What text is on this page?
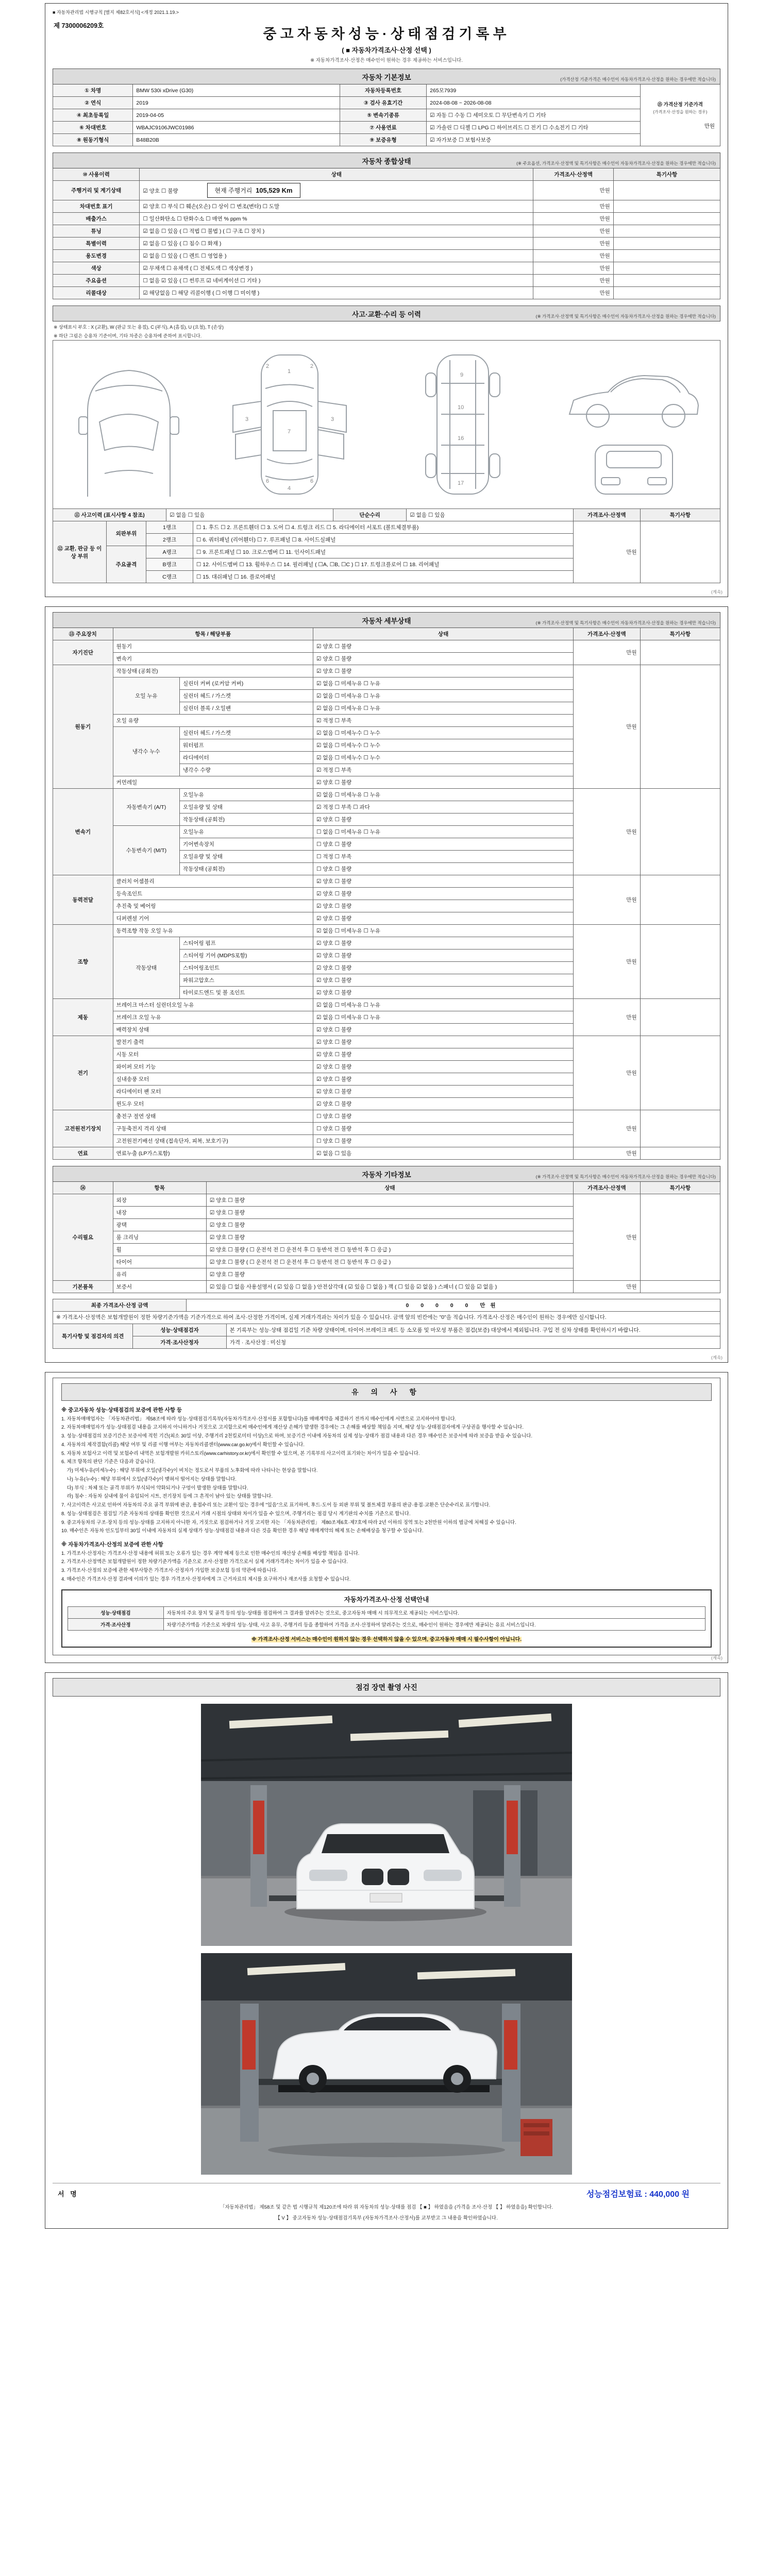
■ 자동차관리법 시행규칙 [별지 제82호서식] <개정 2021.1.19.>
제 7300006209호
중고자동차성능·상태점검기록부
( ■ 자동차가격조사·산정 선택 )
※ 자동차가격조사·산정은 매수인이 원하는 경우 제공하는 서비스입니다.
자동차 기본정보	(가격산정 기준가격은 매수인이 자동차가격조사·산정을 원하는 경우에만 적습니다)
① 차명	BMW 530i xDrive (G30)	자동차등록번호	265모7939	⑮ 가격산정 기준가격
(가격조사·산정을 원하는 경우)
만원

② 연식	2019	③ 검사 유효기간	2024-08-08 ~ 2026-08-08	
④ 최초등록일	2019-04-05	⑤ 변속기종류	☑ 자동 ☐ 수동 ☐ 세미오토 ☐ 무단변속기 ☐ 기타	
⑥ 차대번호	WBAJC9106JWC01986	⑦ 사용연료	☑ 가솔린 ☐ 디젤 ☐ LPG ☐ 하이브리드 ☐ 전기 ☐ 수소전기 ☐ 기타	
⑧ 원동기형식	B48B20B	⑨ 보증유형	☑ 자가보증 ☐ 보험사보증	
자동차 종합상태	(※ 주요옵션, 가격조사·산정액 및 특기사항은 매수인이 자동차가격조사·산정을 원하는 경우에만 적습니다)
⑩ 사용이력	상태	가격조사·산정액	특기사항
주행거리 및 계기상태	☑ 양호 ☐ 불량 현재 주행거리  105,529 Km	만원	
차대번호 표기	☑ 양호 ☐ 부식 ☐ 훼손(오손) ☐ 상이 ☐ 변조(변타) ☐ 도말	만원	
배출가스	☐ 일산화탄소 ☐ 탄화수소 ☐ 매연 % ppm %	만원	
튜닝	☑ 없음 ☐ 있음 ( ☐ 적법 ☐ 불법 ) ( ☐ 구조 ☐ 장치 )	만원	
특별이력	☑ 없음 ☐ 있음 ( ☐ 침수 ☐ 화재 )	만원	
용도변경	☑ 없음 ☐ 있음 ( ☐ 렌트 ☐ 영업용 )	만원	
색상	☑ 무채색 ☐ 유채색 ( ☐ 전체도색 ☐ 색상변경 )	만원	
주요옵션	☐ 없음 ☑ 있음 ( ☐ 썬루프 ☑ 네비게이션 ☐ 기타 )	만원	
리콜대상	☑ 해당없음 ☐ 해당 리콜이행 ( ☐ 이행 ☐ 미이행 )	만원	
사고·교환·수리 등 이력	(※ 가격조사·산정액 및 특기사항은 매수인이 자동차가격조사·산정을 원하는 경우에만 적습니다)
※ 상태표시 부호 : X (교환), W (판금 또는 용접), C (부식), A (흠집), U (요철), T (손상)
※ 하단 그림은 승용차 기준이며, 기타 차종은 승용차에 준하여 표시합니다.
1
7
4
3	3
2	2
6	6
9
10
16
17
⑪ 사고이력 (표시사항 4 참조)	☑ 없음 ☐ 있음	단순수리	☑ 없음 ☐ 있음	가격조사·산정액	특기사항
⑫ 교환, 판금 등 이상 부위	외판부위	1랭크	☐ 1. 후드 ☐ 2. 프론트휀더 ☐ 3. 도어 ☐ 4. 트렁크 리드 ☐ 5. 라디에이터 서포트 (볼트체결부품)	만원	
		2랭크	☐ 6. 쿼터패널 (리어휀더) ☐ 7. 루프패널 ☐ 8. 사이드실패널		
	주요골격	A랭크	☐ 9. 프론트패널 ☐ 10. 크로스멤버 ☐ 11. 인사이드패널		
		B랭크	☐ 12. 사이드멤버 ☐ 13. 휠하우스 ☐ 14. 필러패널 ( ☐A, ☐B, ☐C ) ☐ 17. 트렁크플로어 ☐ 18. 리어패널		
		C랭크	☐ 15. 대쉬패널 ☐ 16. 플로어패널		
(계속)
자동차 세부상태	(※ 가격조사·산정액 및 특기사항은 매수인이 자동차가격조사·산정을 원하는 경우에만 적습니다)
⑬ 주요장치	항목 / 해당부품		상태	가격조사·산정액	특기사항
자기진단	원동기		☑ 양호 ☐ 불량	만원	
	변속기		☑ 양호 ☐ 불량		
원동기	작동상태 (공회전)		☑ 양호 ☐ 불량	만원	
	오일 누유	실린더 커버 (로커암 커버)	☑ 없음 ☐ 미세누유 ☐ 누유		
		실린더 헤드 / 가스켓	☑ 없음 ☐ 미세누유 ☐ 누유		
		실린더 블록 / 오일팬	☑ 없음 ☐ 미세누유 ☐ 누유		
	오일 유량		☑ 적정 ☐ 부족		
	냉각수 누수	실린더 헤드 / 가스켓	☑ 없음 ☐ 미세누수 ☐ 누수		
		워터펌프	☑ 없음 ☐ 미세누수 ☐ 누수		
		라디에이터	☑ 없음 ☐ 미세누수 ☐ 누수		
		냉각수 수량	☑ 적정 ☐ 부족		
	커먼레일		☑ 양호 ☐ 불량		
변속기	자동변속기 (A/T)	오일누유	☑ 없음 ☐ 미세누유 ☐ 누유	만원	
		오일유량 및 상태	☑ 적정 ☐ 부족 ☐ 과다		
		작동상태 (공회전)	☑ 양호 ☐ 불량		
	수동변속기 (M/T)	오일누유	☐ 없음 ☐ 미세누유 ☐ 누유		
		기어변속장치	☐ 양호 ☐ 불량		
		오일유량 및 상태	☐ 적정 ☐ 부족		
		작동상태 (공회전)	☐ 양호 ☐ 불량		
동력전달	클러치 어셈블리		☑ 양호 ☐ 불량	만원	
	등속조인트		☑ 양호 ☐ 불량		
	추진축 및 베어링		☑ 양호 ☐ 불량		
	디퍼렌셜 기어		☑ 양호 ☐ 불량		
조향	동력조향 작동 오일 누유		☑ 없음 ☐ 미세누유 ☐ 누유	만원	
	작동상태	스티어링 펌프	☑ 양호 ☐ 불량		
		스티어링 기어 (MDPS포함)	☑ 양호 ☐ 불량		
		스티어링조인트	☑ 양호 ☐ 불량		
		파워고압호스	☑ 양호 ☐ 불량		
		타이로드엔드 및 볼 조인트	☑ 양호 ☐ 불량		
제동	브레이크 마스터 실린더오일 누유		☑ 없음 ☐ 미세누유 ☐ 누유	만원	
	브레이크 오일 누유		☑ 없음 ☐ 미세누유 ☐ 누유		
	배력장치 상태		☑ 양호 ☐ 불량		
전기	발전기 출력		☑ 양호 ☐ 불량	만원	
	시동 모터		☑ 양호 ☐ 불량		
	와이퍼 모터 기능		☑ 양호 ☐ 불량		
	실내송풍 모터		☑ 양호 ☐ 불량		
	라디에이터 팬 모터		☑ 양호 ☐ 불량		
	윈도우 모터		☑ 양호 ☐ 불량		
고전원전기장치	충전구 절연 상태		☐ 양호 ☐ 불량	만원	
	구동축전지 격리 상태		☐ 양호 ☐ 불량		
	고전원전기배선 상태 (접속단자, 피복, 보호기구)		☐ 양호 ☐ 불량		
연료	연료누출 (LP가스포함)		☑ 없음 ☐ 있음	만원	
자동차 기타정보	(※ 가격조사·산정액 및 특기사항은 매수인이 자동차가격조사·산정을 원하는 경우에만 적습니다)
⑭	항목	상태	가격조사·산정액	특기사항
수리필요	외장	☑ 양호 ☐ 불량	만원	
	내장	☑ 양호 ☐ 불량		
	광택	☑ 양호 ☐ 불량		
	룸 크리닝	☑ 양호 ☐ 불량		
	휠	☑ 양호 ☐ 불량 ( ☐ 운전석 전 ☐ 운전석 후 ☐ 동반석 전 ☐ 동반석 후 ☐ 응급 )		
	타이어	☑ 양호 ☐ 불량 ( ☐ 운전석 전 ☐ 운전석 후 ☐ 동반석 전 ☐ 동반석 후 ☐ 응급 )		
	유리	☑ 양호 ☐ 불량		
기본품목	보증서	☑ 있음 ☐ 없음 사용설명서 ( ☑ 있음 ☐ 없음 ) 안전삼각대 ( ☑ 있음 ☐ 없음 ) 잭 ( ☐ 있음 ☑ 없음 ) 스패너 ( ☐ 있음 ☑ 없음 )	만원	
최종 가격조사·산정 금액	0 0 0 0 0 만원
※ 가격조사·산정액은 보험개발원이 정한 차량기준가액을 기준가격으로 하여 조사·산정한 가격이며, 실제 거래가격과는 차이가 있을 수 있습니다. 금액 앞의 빈칸에는 "0"을 적습니다. 가격조사·산정은 매수인이 원하는 경우에만 실시합니다.
특기사항 및 점검자의 의견	성능·상태점검자	본 기록부는 성능·상태 점검일 기준 차량 상태이며, 타이어·브레이크 패드 등 소모품 및 마모성 부품은 점검(보증) 대상에서 제외됩니다. 구입 전 실차 상태를 확인하시기 바랍니다.
	가격·조사산정자	가격 · 조사산정 : 미신청
(계속)
유 의 사 항
※ 중고자동차 성능·상태점검의 보증에 관한 사항 등

1. 자동차매매업자는 「자동차관리법」 제58조에 따라 성능·상태점검기록부(자동차가격조사·산정서를 포함합니다)를 매매계약을 체결하기 전까지 매수인에게 서면으로 고지하여야 합니다.

2. 자동차매매업자가 성능·상태점검 내용을 고지하지 아니하거나 거짓으로 고지함으로써 매수인에게 재산상 손해가 발생한 경우에는 그 손해를 배상할 책임을 지며, 해당 성능·상태점검자에게 구상권을 행사할 수 있습니다.

3. 성능·상태점검의 보증기간은 보증서에 적힌 기간(최소 30일 이상, 주행거리 2천킬로미터 이상)으로 하며, 보증기간 이내에 자동차의 실제 성능·상태가 점검 내용과 다른 경우 매수인은 보증서에 따라 보증을 받을 수 있습니다.

4. 자동차의 제작결함(리콜) 해당 여부 및 리콜 이행 여부는 자동차리콜센터(www.car.go.kr)에서 확인할 수 있습니다.

5. 자동차 보험사고 이력 및 보험수리 내역은 보험개발원 카히스토리(www.carhistory.or.kr)에서 확인할 수 있으며, 본 기록부의 사고이력 표기와는 차이가 있을 수 있습니다.

6. 체크 항목의 판단 기준은 다음과 같습니다.

가) 미세누유(미세누수) : 해당 부위에 오일(냉각수)이 비치는 정도로서 부품의 노후화에 따라 나타나는 현상을 말합니다.

나) 누유(누수) : 해당 부위에서 오일(냉각수)이 맺혀서 떨어지는 상태를 말합니다.

다) 부식 : 차체 또는 골격 부위가 부식되어 약화되거나 구멍이 발생한 상태를 말합니다.

라) 침수 : 자동차 실내에 물이 유입되어 시트, 전기장치 등에 그 흔적이 남아 있는 상태를 말합니다.

7. 사고이력은 사고로 인하여 자동차의 주요 골격 부위에 판금, 용접수리 또는 교환이 있는 경우에 "있음"으로 표기하며, 후드·도어 등 외판 부위 및 볼트체결 부품의 판금·용접·교환은 단순수리로 표기합니다.

8. 성능·상태점검은 점검일 기준 자동차의 상태를 확인한 것으로서 거래 시점의 상태와 차이가 있을 수 있으며, 주행거리는 점검 당시 계기판의 수치를 기준으로 합니다.

9. 중고자동차의 구조·장치 등의 성능·상태를 고지하지 아니한 자, 거짓으로 점검하거나 거짓 고지한 자는 「자동차관리법」 제80조제6호·제7호에 따라 2년 이하의 징역 또는 2천만원 이하의 벌금에 처해질 수 있습니다.

10. 매수인은 자동차 인도일부터 30일 이내에 자동차의 실제 상태가 성능·상태점검 내용과 다른 것을 확인한 경우 해당 매매계약의 해제 또는 손해배상을 청구할 수 있습니다.

※ 자동차가격조사·산정의 보증에 관한 사항

1. 가격조사·산정자는 가격조사·산정 내용에 허위 또는 오류가 있는 경우 계약 해제 등으로 인한 매수인의 재산상 손해를 배상할 책임을 집니다.

2. 가격조사·산정액은 보험개발원이 정한 차량기준가액을 기준으로 조사·산정한 가격으로서 실제 거래가격과는 차이가 있을 수 있습니다.

3. 가격조사·산정의 보증에 관한 세부사항은 가격조사·산정자가 가입한 보증보험 등의 약관에 따릅니다.

4. 매수인은 가격조사·산정 결과에 이의가 있는 경우 가격조사·산정자에게 그 근거자료의 제시를 요구하거나 재조사를 요청할 수 있습니다.

자동차가격조사·산정 선택안내
성능·상태점검	자동차의 주요 장치 및 골격 등의 성능·상태를 점검하여 그 결과를 알려주는 것으로, 중고자동차 매매 시 의무적으로 제공되는 서비스입니다.
가격·조사산정	차량기준가액을 기준으로 차량의 성능·상태, 사고 유무, 주행거리 등을 종합하여 가격을 조사·산정하여 알려주는 것으로, 매수인이 원하는 경우에만 제공되는 유료 서비스입니다.
※ 가격조사·산정 서비스는 매수인이 원하지 않는 경우 선택하지 않을 수 있으며, 중고자동차 매매 시 필수사항이 아닙니다.
(계속)
점검 장면 촬영 사진
서 명	성능점검보험료 : 440,000 원

「자동차관리법」 제58조 및 같은 법 시행규칙 제120조에 따라 위 자동차의 성능·상태를 점검 【 ■ 】 하였음을 (가격을 조사·산정 【 】 하였음을) 확인합니다.

【 V 】 중고자동차 성능·상태점검기록부 (자동차가격조사·산정서)를 교부받고 그 내용을 확인하였습니다.
